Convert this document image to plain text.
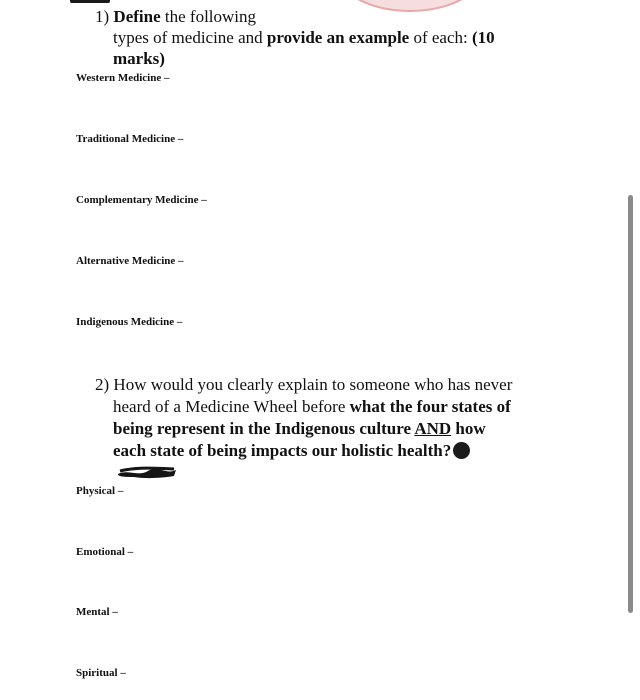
1) Define the following
types of medicine and provide an example of each: (10
marks)
Western Medicine –
Traditional Medicine –
Complementary Medicine –
Alternative Medicine –
Indigenous Medicine –
2) How would you clearly explain to someone who has never
heard of a Medicine Wheel before what the four states of
being represent in the Indigenous culture AND how
each state of being impacts our holistic health?
Physical –
Emotional –
Mental –
Spiritual –
